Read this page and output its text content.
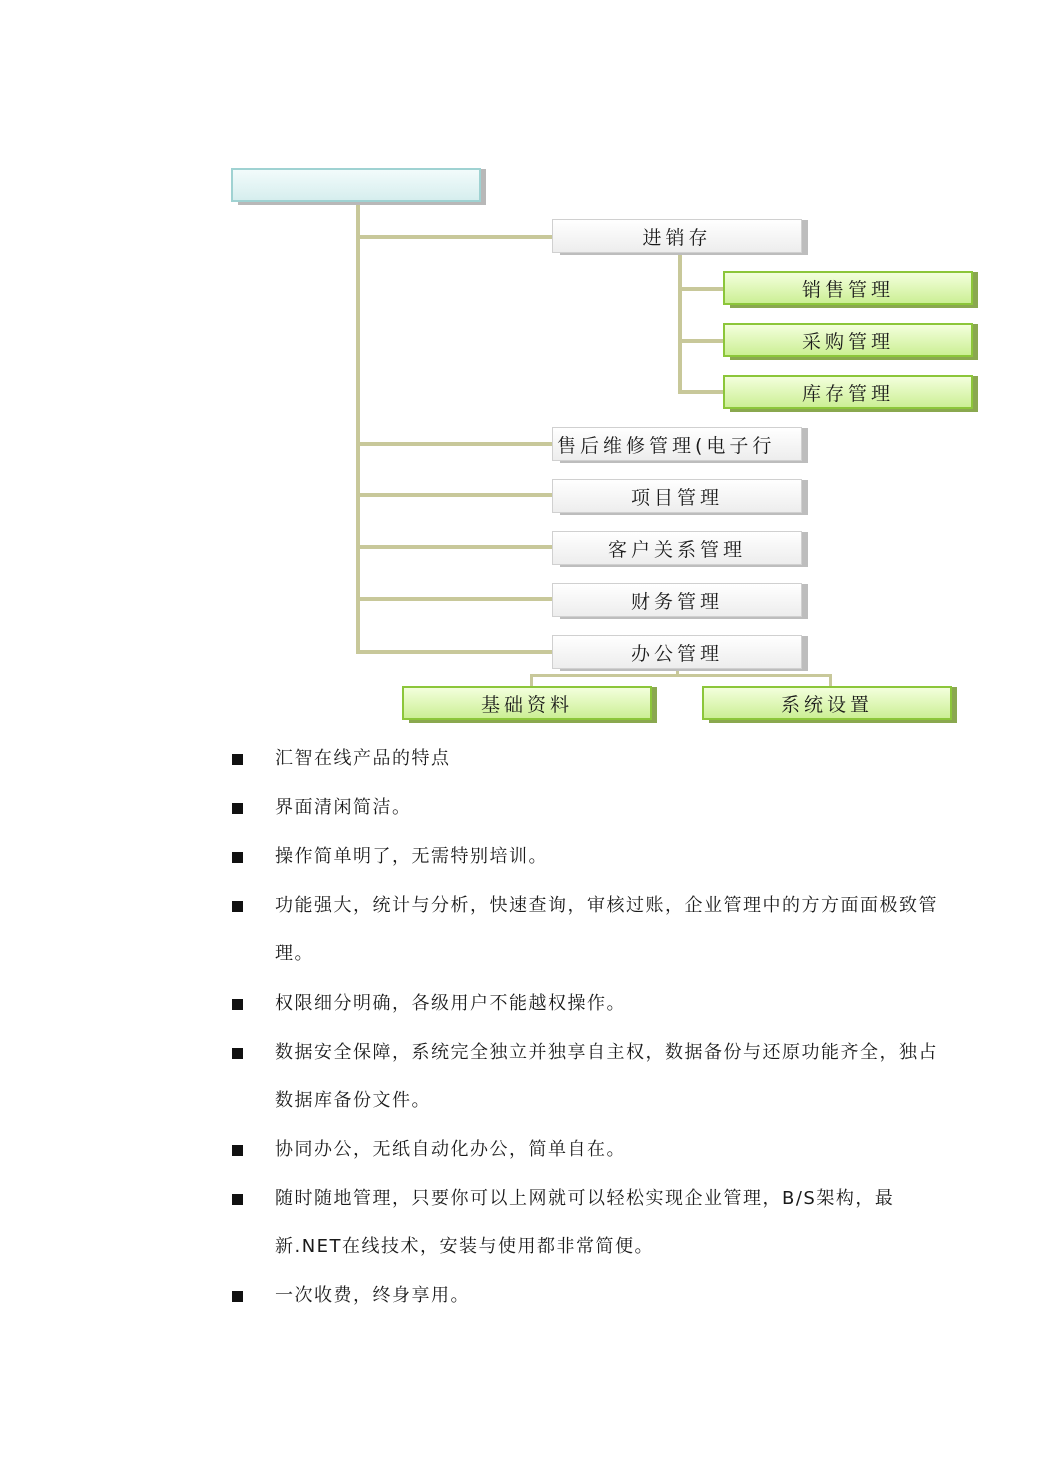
进销存
售后维修管理(电子行
项目管理
客户关系管理
财务管理
办公管理
销售管理
采购管理
库存管理
基础资料	系统设置
汇智在线产品的特点
界面清闲简洁。
操作简单明了，无需特别培训。
功能强大，统计与分析，快速查询，审核过账，企业管理中的方方面面极致管理。
权限细分明确，各级用户不能越权操作。
数据安全保障，系统完全独立并独享自主权，数据备份与还原功能齐全，独占数据库备份文件。
协同办公，无纸自动化办公，简单自在。
随时随地管理，只要你可以上网就可以轻松实现企业管理，B/S架构，最新.NET在线技术，安装与使用都非常简便。
一次收费，终身享用。
